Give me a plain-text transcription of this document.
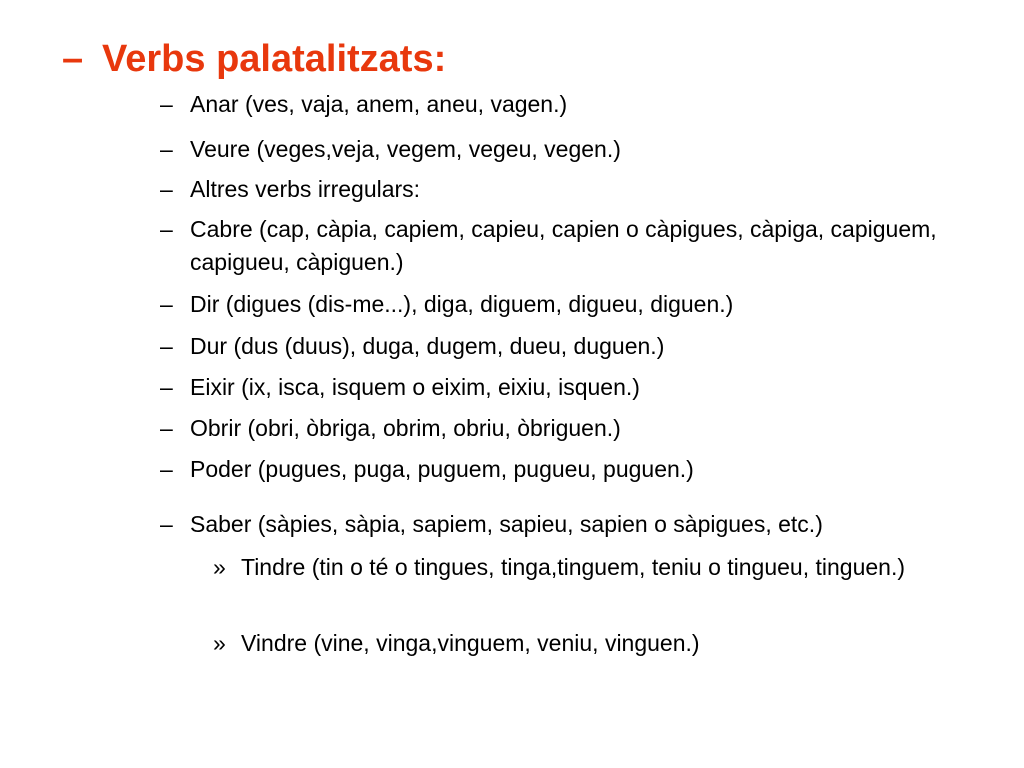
– Verbs palatalitzats:
– Anar (ves, vaja, anem, aneu, vagen.)
– Veure (veges,veja, vegem, vegeu, vegen.)
– Altres verbs irregulars:
– Cabre (cap, càpia, capiem, capieu, capien o càpigues, càpiga, capiguem, capigueu, càpiguen.)
– Dir (digues (dis-me...), diga, diguem, digueu, diguen.)
– Dur (dus (duus), duga, dugem, dueu, duguen.)
– Eixir (ix, isca, isquem o eixim, eixiu, isquen.)
– Obrir (obri, òbriga, obrim, obriu, òbriguen.)
– Poder (pugues, puga, puguem, pugueu, puguen.)
– Saber (sàpies, sàpia, sapiem, sapieu, sapien o sàpigues, etc.)
» Tindre (tin o té o tingues, tinga,tinguem, teniu o tingueu, tinguen.)
» Vindre (vine, vinga,vinguem, veniu, vinguen.)
